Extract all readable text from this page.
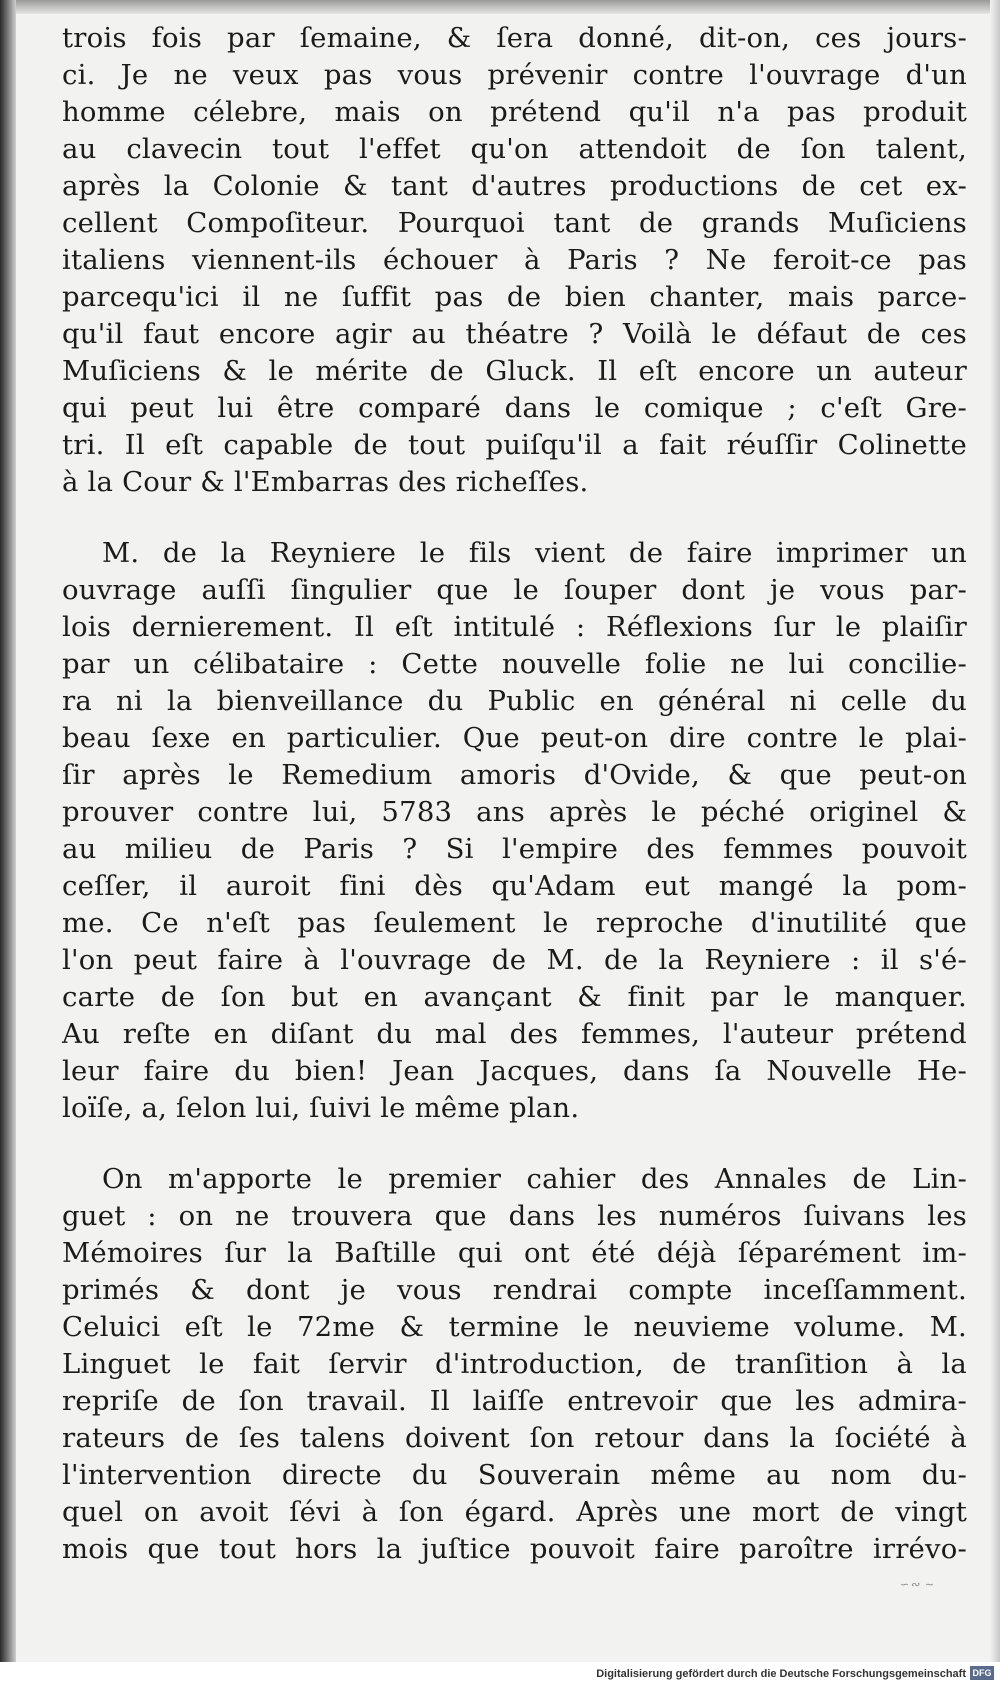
trois fois par ſemaine, & ſera donné, dit-on, ces jours-
ci. Je ne veux pas vous prévenir contre l'ouvrage d'un
homme célebre, mais on prétend qu'il n'a pas produit
au clavecin tout l'effet qu'on attendoit de ſon talent,
après la Colonie & tant d'autres productions de cet ex-
cellent Compoſiteur. Pourquoi tant de grands Muſiciens
italiens viennent-ils échouer à Paris ? Ne feroit-ce pas
parcequ'ici il ne ſuffit pas de bien chanter, mais parce-
qu'il faut encore agir au théatre ? Voilà le défaut de ces
Muſiciens & le mérite de Gluck. Il eſt encore un auteur
qui peut lui être comparé dans le comique ; c'eſt Gre-
tri. Il eſt capable de tout puiſqu'il a fait réuſſir Colinette
à la Cour & l'Embarras des richeſſes.
M. de la Reyniere le fils vient de faire imprimer un
ouvrage auſſi ſingulier que le ſouper dont je vous par-
lois dernierement. Il eſt intitulé : Réflexions ſur le plaiſir
par un célibataire : Cette nouvelle folie ne lui concilie-
ra ni la bienveillance du Public en général ni celle du
beau ſexe en particulier. Que peut-on dire contre le plai-
ſir après le Remedium amoris d'Ovide, & que peut-on
prouver contre lui, 5783 ans après le péché originel &
au milieu de Paris ? Si l'empire des femmes pouvoit
ceſſer, il auroit fini dès qu'Adam eut mangé la pom-
me. Ce n'eſt pas ſeulement le reproche d'inutilité que
l'on peut faire à l'ouvrage de M. de la Reyniere : il s'é-
carte de ſon but en avançant & finit par le manquer.
Au reſte en diſant du mal des femmes, l'auteur prétend
leur faire du bien! Jean Jacques, dans ſa Nouvelle He-
loïſe, a, ſelon lui, ſuivi le même plan.
On m'apporte le premier cahier des Annales de Lin-
guet : on ne trouvera que dans les numéros ſuivans les
Mémoires ſur la Baſtille qui ont été déjà ſéparément im-
primés & dont je vous rendrai compte inceſſamment.
Celuici eſt le 72me & termine le neuvieme volume. M.
Linguet le fait ſervir d'introduction, de tranſition à la
repriſe de ſon travail. Il laiſſe entrevoir que les admira-
rateurs de ſes talens doivent ſon retour dans la ſociété à
l'intervention directe du Souverain même au nom du-
quel on avoit ſévi à ſon égard. Après une mort de vingt
mois que tout hors la juſtice pouvoit faire paroître irrévo-
∽∾ ∼
Digitalisierung gefördert durch die Deutsche Forschungsgemeinschaft DFG
